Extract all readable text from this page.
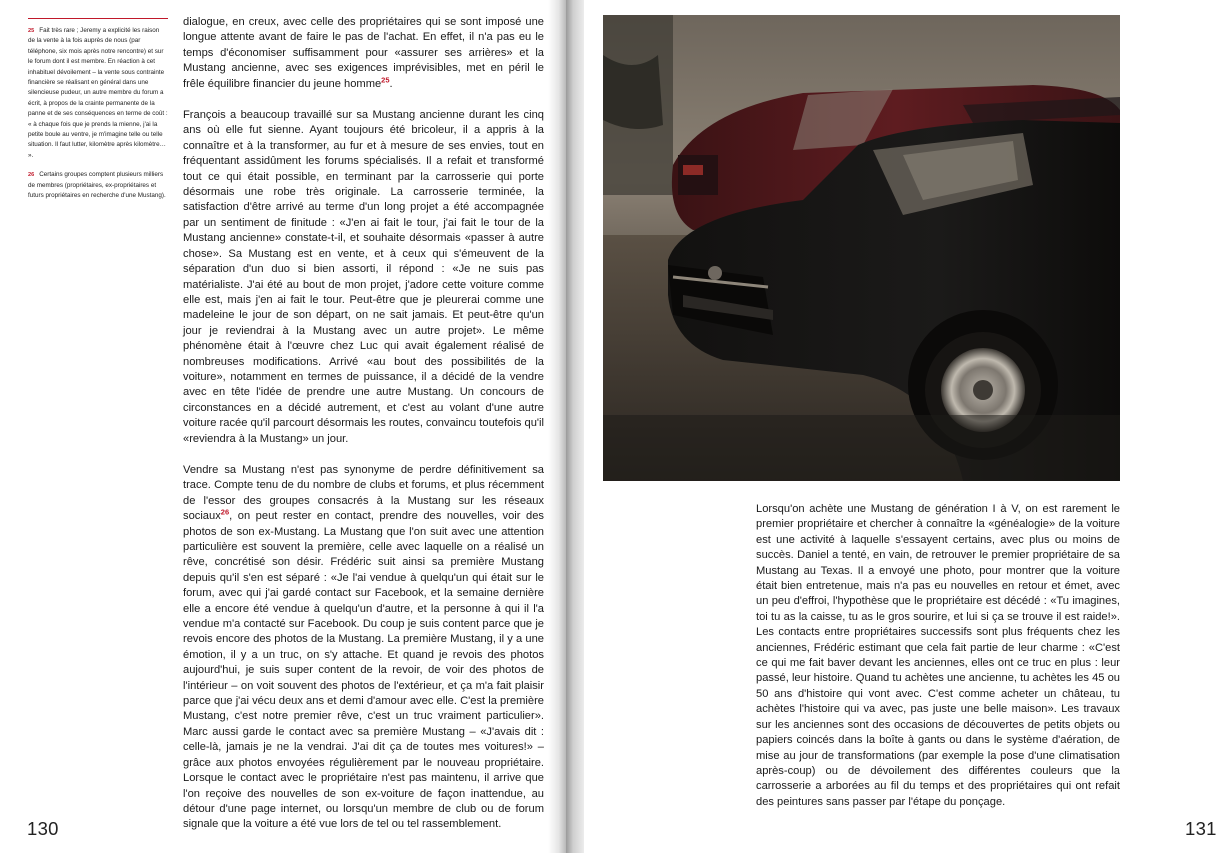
25 Fait très rare ; Jeremy a explicité les raison de la vente à la fois auprès de nous (par téléphone, six mois après notre rencontre) et sur le forum dont il est membre. En réaction à cet inhabituel dévoilement – la vente sous contrainte financière se réalisant en général dans une silencieuse pudeur, un autre membre du forum a écrit, à propos de la crainte permanente de la panne et de ses conséquences en terme de coût : « à chaque fois que je prends la mienne, j'ai la petite boule au ventre, je m'imagine telle ou telle situation. Il faut lutter, kilomètre après kilomètre… ».
26 Certains groupes comptent plusieurs milliers de membres (propriétaires, ex-propriétaires et futurs propriétaires en recherche d'une Mustang).

dialogue, en creux, avec celle des propriétaires qui se sont imposé une longue attente avant de faire le pas de l'achat. En effet, il n'a pas eu le temps d'économiser suffisamment pour «assurer ses arrières» et la Mustang ancienne, avec ses exigences imprévisibles, met en péril le frêle équilibre financier du jeune homme$^{25}$.

François a beaucoup travaillé sur sa Mustang ancienne durant les cinq ans où elle fut sienne. Ayant toujours été bricoleur, il a appris à la connaître et à la transformer, au fur et à mesure de ses envies, tout en fréquentant assidûment les forums spécialisés. Il a refait et transformé tout ce qui était possible, en terminant par la carrosserie qui porte désormais une robe très originale. La carrosserie terminée, la satisfaction d'être arrivé au terme d'un long projet a été accompagnée par un sentiment de finitude : «J'en ai fait le tour, j'ai fait le tour de la Mustang ancienne» constate-t-il, et souhaite désormais «passer à autre chose». Sa Mustang est en vente, et à ceux qui s'émeuvent de la séparation d'un duo si bien assorti, il répond : «Je ne suis pas matérialiste. J'ai été au bout de mon projet, j'adore cette voiture comme elle est, mais j'en ai fait le tour. Peut-être que je pleurerai comme une madeleine le jour de son départ, on ne sait jamais. Et peut-être qu'un jour je reviendrai à la Mustang avec un autre projet». Le même phénomène était à l'œuvre chez Luc qui avait également réalisé de nombreuses modifications. Arrivé «au bout des possibilités de la voiture», notamment en termes de puissance, il a décidé de la vendre avec en tête l'idée de prendre une autre Mustang. Un concours de circonstances en a décidé autrement, et c'est au volant d'une autre voiture racée qu'il parcourt désormais les routes, convaincu toutefois qu'il «reviendra à la Mustang» un jour.

Vendre sa Mustang n'est pas synonyme de perdre définitivement sa trace. Compte tenu de du nombre de clubs et forums, et plus récemment de l'essor des groupes consacrés à la Mustang sur les réseaux sociaux$^{26}$, on peut rester en contact, prendre des nouvelles, voir des photos de son ex-Mustang. La Mustang que l'on suit avec une attention particulière est souvent la première, celle avec laquelle on a réalisé un rêve, concrétisé son désir. Frédéric suit ainsi sa première Mustang depuis qu'il s'en est séparé : «Je l'ai vendue à quelqu'un qui était sur le forum, avec qui j'ai gardé contact sur Facebook, et la semaine dernière elle a encore été vendue à quelqu'un d'autre, et la personne à qui il l'a vendue m'a contacté sur Facebook. Du coup je suis content parce que je revois encore des photos de la Mustang. La première Mustang, il y a une émotion, il y a un truc, on s'y attache. Et quand je revois des photos aujourd'hui, je suis super content de la revoir, de voir des photos de l'intérieur – on voit souvent des photos de l'extérieur, et ça m'a fait plaisir parce que j'ai vécu deux ans et demi d'amour avec elle. C'est la première Mustang, c'est notre premier rêve, c'est un truc vraiment particulier». Marc aussi garde le contact avec sa première Mustang – «J'avais dit : celle-là, jamais je ne la vendrai. J'ai dit ça de toutes mes voitures!» – grâce aux photos envoyées régulièrement par le nouveau propriétaire. Lorsque le contact avec le propriétaire n'est pas maintenu, il arrive que l'on reçoive des nouvelles de son ex-voiture de façon inattendue, au détour d'une page internet, ou lorsqu'un membre de club ou de forum signale que la voiture a été vue lors de tel ou tel rassemblement.

130	131

Lorsqu'on achète une Mustang de génération I à V, on est rarement le premier propriétaire et chercher à connaître la «généalogie» de la voiture est une activité à laquelle s'essayent certains, avec plus ou moins de succès. Daniel a tenté, en vain, de retrouver le premier propriétaire de sa Mustang au Texas. Il a envoyé une photo, pour montrer que la voiture était bien entretenue, mais n'a pas eu nouvelles en retour et émet, avec un peu d'effroi, l'hypothèse que le propriétaire est décédé : «Tu imagines, toi tu as la caisse, tu as le gros sourire, et lui si ça se trouve il est raide!». Les contacts entre propriétaires successifs sont plus fréquents chez les anciennes, Frédéric estimant que cela fait partie de leur charme : «C'est ce qui me fait baver devant les anciennes, elles ont ce truc en plus : leur passé, leur histoire. Quand tu achètes une ancienne, tu achètes les 45 ou 50 ans d'histoire qui vont avec. C'est comme acheter un château, tu achètes l'histoire qui va avec, pas juste une belle maison». Les travaux sur les anciennes sont des occasions de découvertes de petits objets ou papiers coincés dans la boîte à gants ou dans le système d'aération, de mise au jour de transformations (par exemple la pose d'une climatisation après-coup) ou de dévoilement des différentes couleurs que la carrosserie a arborées au fil du temps et des propriétaires qui ont refait des peintures sans passer par l'étape du ponçage.
